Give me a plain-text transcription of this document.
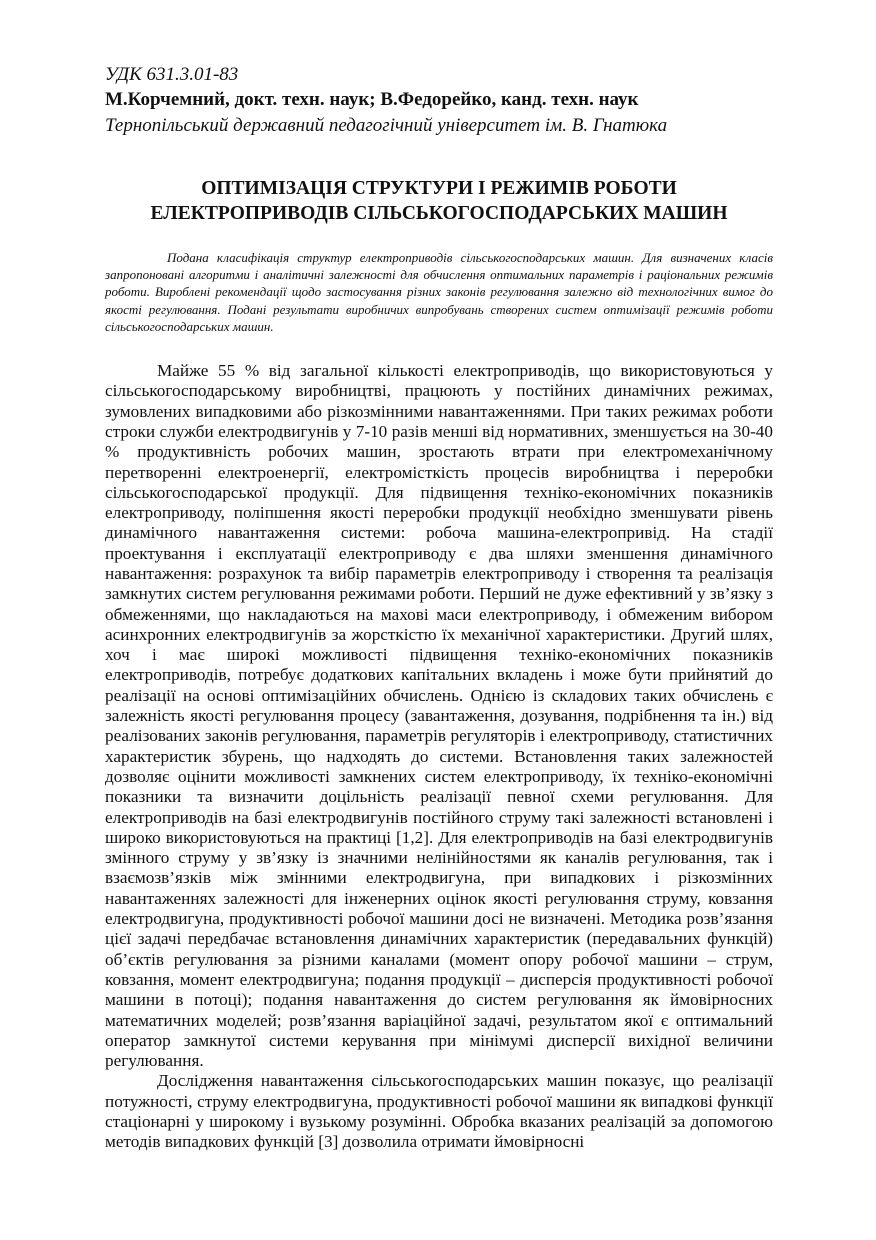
УДК 631.3.01-83

М.Корчемний, докт. техн. наук; В.Федорейко, канд. техн. наук

Тернопільський державний педагогічний університет ім. В. Гнатюка

ОПТИМІЗАЦІЯ СТРУКТУРИ І РЕЖИМІВ РОБОТИ
ЕЛЕКТРОПРИВОДІВ СІЛЬСЬКОГОСПОДАРСЬКИХ МАШИН

Подана класифікація структур електроприводів сільськогосподарських машин. Для визначених класів запропоновані алгоритми і аналітичні залежності для обчислення оптимальних параметрів і раціональних режимів роботи. Вироблені рекомендації щодо застосування різних законів регулювання залежно від технологічних вимог до якості регулювання. Подані результати виробничих випробувань створених систем оптимізації режимів роботи сільськогосподарських машин.

Майже 55 % від загальної кількості електроприводів, що використовуються у сільськогосподарському виробництві, працюють у постійних динамічних режимах, зумовлених випадковими або різкозмінними навантаженнями. При таких режимах роботи строки служби електродвигунів у 7-10 разів менші від нормативних, зменшується на 30-40 % продуктивність робочих машин, зростають втрати при електромеханічному перетворенні електроенергії, електромісткість процесів виробництва і переробки сільськогосподарської продукції. Для підвищення техніко-економічних показників електроприводу, поліпшення якості переробки продукції необхідно зменшувати рівень динамічного навантаження системи: робоча машина-електропривід. На стадії проектування і експлуатації електроприводу є два шляхи зменшення динамічного навантаження: розрахунок та вибір параметрів електроприводу і створення та реалізація замкнутих систем регулювання режимами роботи. Перший не дуже ефективний у зв’язку з обмеженнями, що накладаються на махові маси електроприводу, і обмеженим вибором асинхронних електродвигунів за жорсткістю їх механічної характеристики. Другий шлях, хоч і має широкі можливості підвищення техніко-економічних показників електроприводів, потребує додаткових капітальних вкладень і може бути прийнятий до реалізації на основі оптимізаційних обчислень. Однією із складових таких обчислень є залежність якості регулювання процесу (завантаження, дозування, подрібнення та ін.) від реалізованих законів регулювання, параметрів регуляторів і електроприводу, статистичних характеристик збурень, що надходять до системи. Встановлення таких залежностей дозволяє оцінити можливості замкнених систем електроприводу, їх техніко-економічні показники та визначити доцільність реалізації певної схеми регулювання. Для електроприводів на базі електродвигунів постійного струму такі залежності встановлені і широко використовуються на практиці [1,2]. Для електроприводів на базі електродвигунів змінного струму у зв’язку із значними нелінійностями як каналів регулювання, так і взаємозв’язків між змінними електродвигуна, при випадкових і різкозмінних навантаженнях залежності для інженерних оцінок якості регулювання струму, ковзання електродвигуна, продуктивності робочої машини досі не визначені. Методика розв’язання цієї задачі передбачає встановлення динамічних характеристик (передавальних функцій) об’єктів регулювання за різними каналами (момент опору робочої машини – струм, ковзання, момент електродвигуна; подання продукції – дисперсія продуктивності робочої машини в потоці); подання навантаження до систем регулювання як ймовірносних математичних моделей; розв’язання варіаційної задачі, результатом якої є оптимальний оператор замкнутої системи керування при мінімумі дисперсії вихідної величини регулювання.

Дослідження навантаження сільськогосподарських машин показує, що реалізації потужності, струму електродвигуна, продуктивності робочої машини як випадкові функції стаціонарні у широкому і вузькому розумінні. Обробка вказаних реалізацій за допомогою методів випадкових функцій [3] дозволила отримати ймовірносні
